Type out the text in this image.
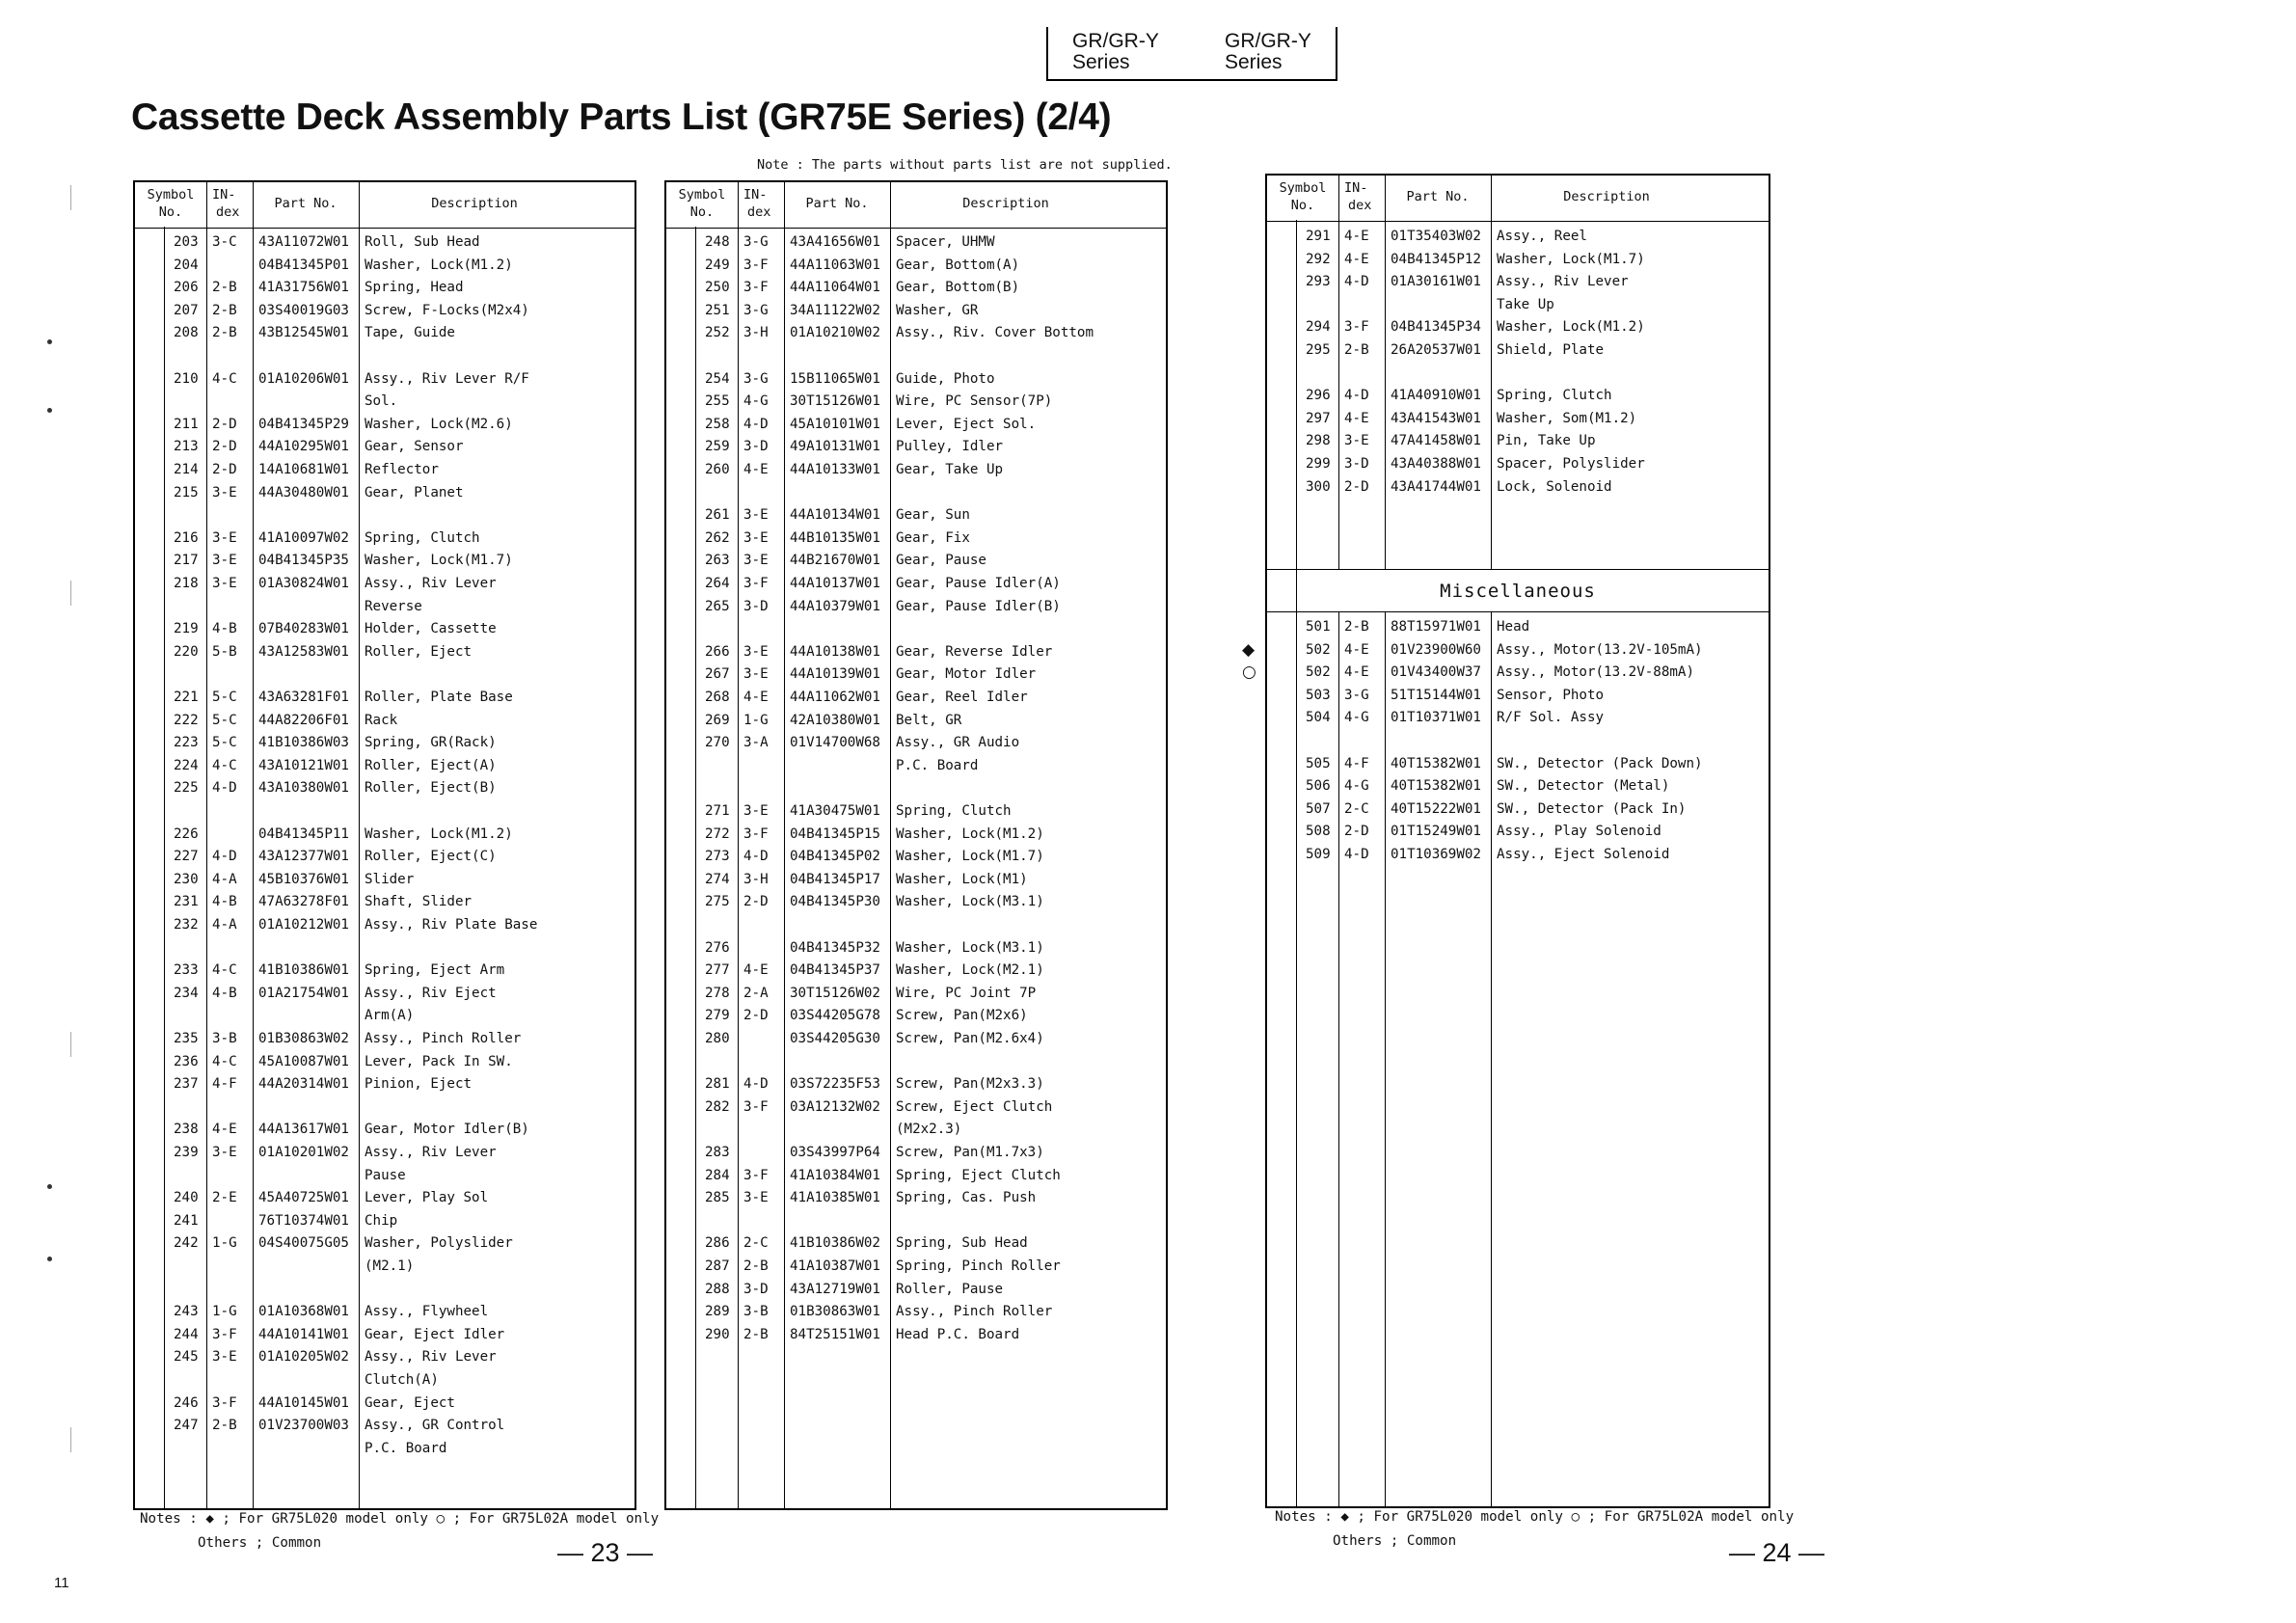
GR/GR-Y
Series
GR/GR-Y
Series
Cassette Deck Assembly Parts List (GR75E Series) (2/4)
Note : The parts without parts list are not supplied.
Symbol
No.
IN-
dex
Part No.	Description
203 3-C 43A11072W01 Roll, Sub Head
204	04B41345P01 Washer, Lock(M1.2)
206 2-B 41A31756W01 Spring, Head
207 2-B 03S40019G03 Screw, F-Locks(M2x4)
208 2-B 43B12545W01 Tape, Guide
210 4-C 01A10206W01 Assy., Riv Lever R/F
Sol.
211 2-D 04B41345P29 Washer, Lock(M2.6)
213 2-D 44A10295W01 Gear, Sensor
214 2-D 14A10681W01 Reflector
215 3-E 44A30480W01 Gear, Planet
216 3-E 41A10097W02 Spring, Clutch
217 3-E 04B41345P35 Washer, Lock(M1.7)
218 3-E 01A30824W01 Assy., Riv Lever
Reverse
219 4-B 07B40283W01 Holder, Cassette
220 5-B 43A12583W01 Roller, Eject
221 5-C 43A63281F01 Roller, Plate Base
222 5-C 44A82206F01 Rack
223 5-C 41B10386W03 Spring, GR(Rack)
224 4-C 43A10121W01 Roller, Eject(A)
225 4-D 43A10380W01 Roller, Eject(B)
226	04B41345P11 Washer, Lock(M1.2)
227 4-D 43A12377W01 Roller, Eject(C)
230 4-A 45B10376W01 Slider
231 4-B 47A63278F01 Shaft, Slider
232 4-A 01A10212W01 Assy., Riv Plate Base
233 4-C 41B10386W01 Spring, Eject Arm
234 4-B 01A21754W01 Assy., Riv Eject
Arm(A)
235 3-B 01B30863W02 Assy., Pinch Roller
236 4-C 45A10087W01 Lever, Pack In SW.
237 4-F 44A20314W01 Pinion, Eject
238 4-E 44A13617W01 Gear, Motor Idler(B)
239 3-E 01A10201W02 Assy., Riv Lever
Pause
240 2-E 45A40725W01 Lever, Play Sol
241	76T10374W01 Chip
242 1-G 04S40075G05 Washer, Polyslider
(M2.1)
243 1-G 01A10368W01 Assy., Flywheel
244 3-F 44A10141W01 Gear, Eject Idler
245 3-E 01A10205W02 Assy., Riv Lever
Clutch(A)
246 3-F 44A10145W01 Gear, Eject
247 2-B 01V23700W03 Assy., GR Control
P.C. Board
Symbol
No.
IN-
dex
Part No.	Description
248 3-G 43A41656W01 Spacer, UHMW
249 3-F 44A11063W01 Gear, Bottom(A)
250 3-F 44A11064W01 Gear, Bottom(B)
251 3-G 34A11122W02 Washer, GR
252 3-H 01A10210W02 Assy., Riv. Cover Bottom
254 3-G 15B11065W01 Guide, Photo
255 4-G 30T15126W01 Wire, PC Sensor(7P)
258 4-D 45A10101W01 Lever, Eject Sol.
259 3-D 49A10131W01 Pulley, Idler
260 4-E 44A10133W01 Gear, Take Up
261 3-E 44A10134W01 Gear, Sun
262 3-E 44B10135W01 Gear, Fix
263 3-E 44B21670W01 Gear, Pause
264 3-F 44A10137W01 Gear, Pause Idler(A)
265 3-D 44A10379W01 Gear, Pause Idler(B)
266 3-E 44A10138W01 Gear, Reverse Idler
267 3-E 44A10139W01 Gear, Motor Idler
268 4-E 44A11062W01 Gear, Reel Idler
269 1-G 42A10380W01 Belt, GR
270 3-A 01V14700W68 Assy., GR Audio
P.C. Board
271 3-E 41A30475W01 Spring, Clutch
272 3-F 04B41345P15 Washer, Lock(M1.2)
273 4-D 04B41345P02 Washer, Lock(M1.7)
274 3-H 04B41345P17 Washer, Lock(M1)
275 2-D 04B41345P30 Washer, Lock(M3.1)
276	04B41345P32 Washer, Lock(M3.1)
277 4-E 04B41345P37 Washer, Lock(M2.1)
278 2-A 30T15126W02 Wire, PC Joint 7P
279 2-D 03S44205G78 Screw, Pan(M2x6)
280	03S44205G30 Screw, Pan(M2.6x4)
281 4-D 03S72235F53 Screw, Pan(M2x3.3)
282 3-F 03A12132W02 Screw, Eject Clutch
(M2x2.3)
283	03S43997P64 Screw, Pan(M1.7x3)
284 3-F 41A10384W01 Spring, Eject Clutch
285 3-E 41A10385W01 Spring, Cas. Push
286 2-C 41B10386W02 Spring, Sub Head
287 2-B 41A10387W01 Spring, Pinch Roller
288 3-D 43A12719W01 Roller, Pause
289 3-B 01B30863W01 Assy., Pinch Roller
290 2-B 84T25151W01 Head P.C. Board
Symbol
No.
IN-
dex
Part No.	Description
Miscellaneous
291 4-E 01T35403W02 Assy., Reel
292 4-E 04B41345P12 Washer, Lock(M1.7)
293 4-D 01A30161W01 Assy., Riv Lever
Take Up
294 3-F 04B41345P34 Washer, Lock(M1.2)
295 2-B 26A20537W01 Shield, Plate
296 4-D 41A40910W01 Spring, Clutch
297 4-E 43A41543W01 Washer, Som(M1.2)
298 3-E 47A41458W01 Pin, Take Up
299 3-D 43A40388W01 Spacer, Polyslider
300 2-D 43A41744W01 Lock, Solenoid
501 2-B 88T15971W01 Head
502 4-E 01V23900W60 Assy., Motor(13.2V-105mA)
◆
502 4-E 01V43400W37 Assy., Motor(13.2V-88mA)
○
503 3-G 51T15144W01 Sensor, Photo
504 4-G 01T10371W01 R/F Sol. Assy
505 4-F 40T15382W01 SW., Detector (Pack Down)
506 4-G 40T15382W01 SW., Detector (Metal)
507 2-C 40T15222W01 SW., Detector (Pack In)
508 2-D 01T15249W01 Assy., Play Solenoid
509 4-D 01T10369W02 Assy., Eject Solenoid
Notes : ◆ ; For GR75L020 model only ○ ; For GR75L02A model only
Others ; Common
Notes : ◆ ; For GR75L020 model only ○ ; For GR75L02A model only
Others ; Common
— 23 —	— 24 —
11
